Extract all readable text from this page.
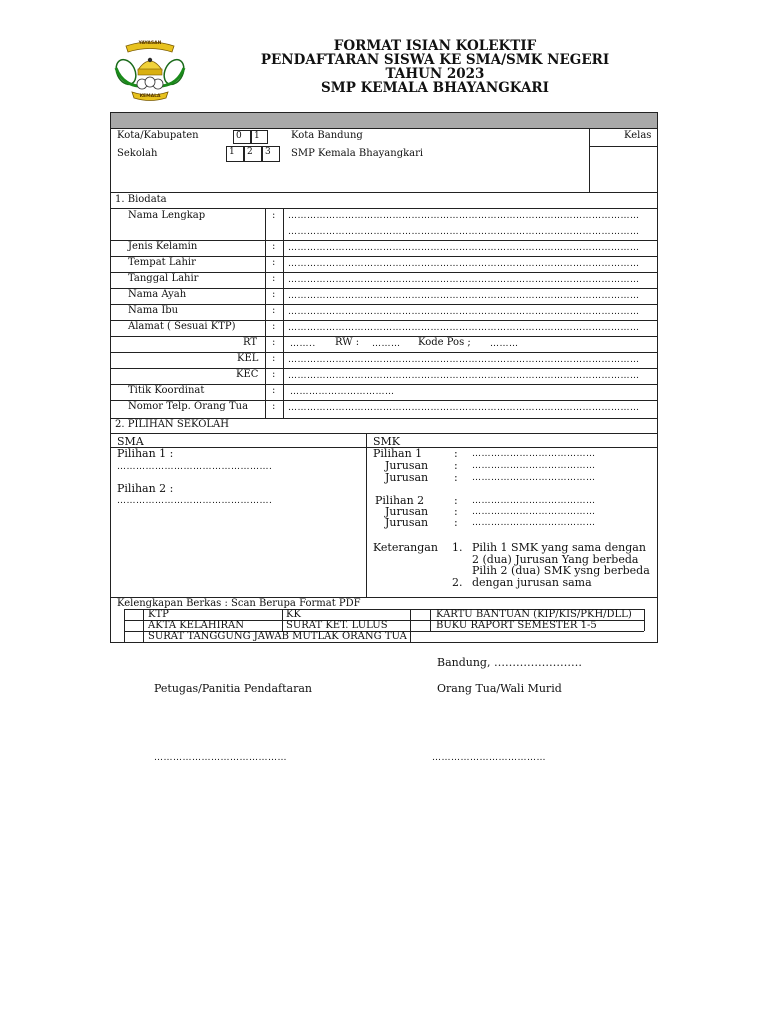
YAYASAN
KEMALA
FORMAT ISIAN KOLEKTIF
PENDAFTARAN SISWA KE SMA/SMK NEGERI
TAHUN 2023
SMP KEMALA BHAYANGKARI
Kota/Kabupaten	0	1	Kota Bandung
Sekolah	1	2	3	SMP Kemala Bhayangkari
Kelas
1. Biodata
Nama Lengkap	: …………………………………………………………………………………………………
…………………………………………………………………………………………………
Jenis Kelamin	: …………………………………………………………………………………………………
Tempat Lahir	: …………………………………………………………………………………………………
Tanggal Lahir	: …………………………………………………………………………………………………
Nama Ayah	: …………………………………………………………………………………………………
Nama Ibu	: …………………………………………………………………………………………………
Alamat ( Sesuai KTP)	: …………………………………………………………………………………………………
RT : …….. RW : ……… Kode Pos ; ………
KEL : …………………………………………………………………………………………………
KEC : …………………………………………………………………………………………………
Titik Koordinat	: ……………………………
Nomor Telp. Orang Tua : …………………………………………………………………………………………………
2. PILIHAN SEKOLAH
SMA	SMK
Pilihan 1 :
………………………………………….
Pilihan 2 :
………………………………………….
Pilihan 1	: …………………………………
Jurusan : …………………………………
Jurusan : …………………………………
Pilihan 2	: …………………………………
Jurusan : …………………………………
Jurusan : …………………………………
Keterangan 1. Pilih 1 SMK yang sama dengan
2 (dua) Jurusan Yang berbeda
Pilih 2 (dua) SMK ysng berbeda
2. dengan jurusan sama
Kelengkapan Berkas : Scan Berupa Format PDF
KTP	KK	KARTU BANTUAN (KIP/KIS/PKH/DLL)
AKTA KELAHIRAN	SURAT KET. LULUS	BUKU RAPORT SEMESTER 1-5
SURAT TANGGUNG JAWAB MUTLAK ORANG TUA
Bandung, ……………………
Petugas/Panitia Pendaftaran	Orang Tua/Wali Murid
……………………………………	………………………………
